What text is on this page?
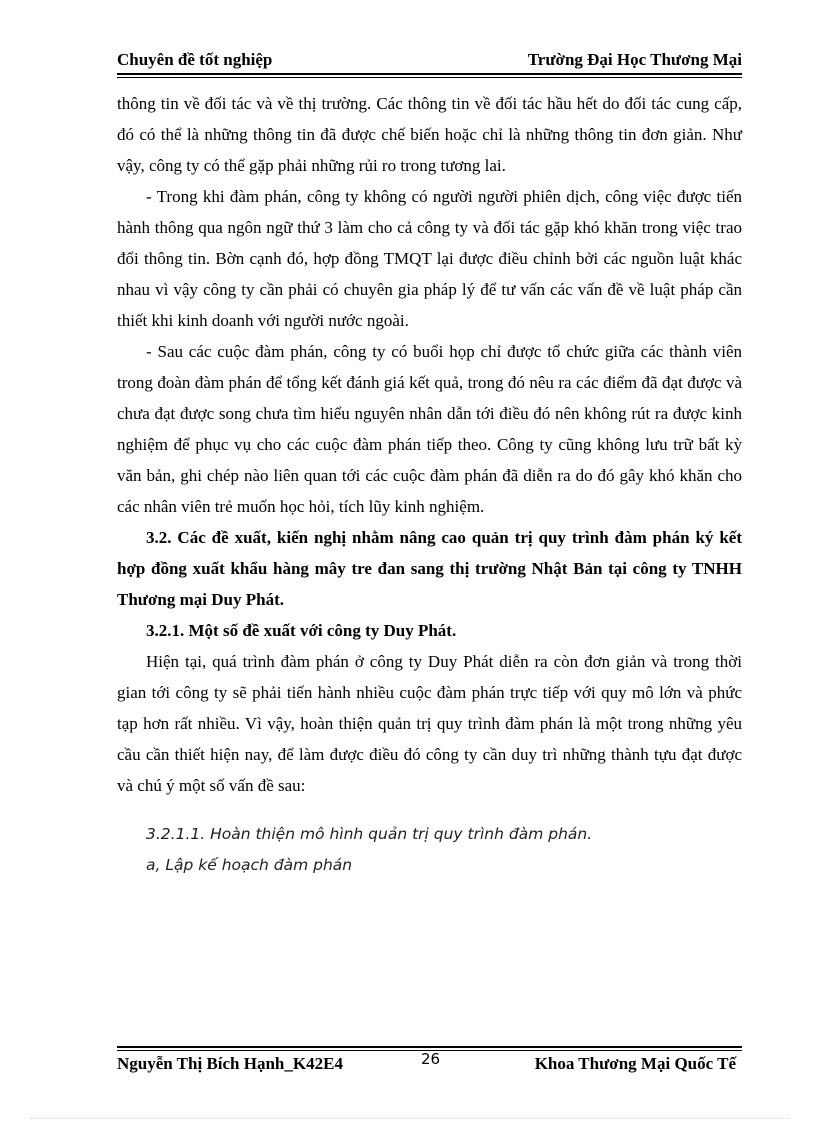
Chuyên đề tốt nghiệp	Trường Đại Học Thương Mại

thông tin về đối tác và về thị trường. Các thông tin về đối tác hầu hết do đối tác cung cấp, đó có thể là những thông tin đã được chế biến hoặc chỉ là những thông tin đơn giản. Như vậy, công ty có thể gặp phải những rủi ro trong tương lai.

- Trong khi đàm phán, công ty không có người người phiên dịch, công việc được tiến hành thông qua ngôn ngữ thứ 3 làm cho cả công ty và đối tác gặp khó khăn trong việc trao đổi thông tin. Bờn cạnh đó, hợp đồng TMQT lại được điều chỉnh bởi các nguồn luật khác nhau vì vậy công ty cần phải có chuyên gia pháp lý để tư vấn các vấn đề về luật pháp cần thiết khi kinh doanh với người nước ngoài.

- Sau các cuộc đàm phán, công ty có buổi họp chỉ được tổ chức giữa các thành viên trong đoàn đàm phán để tổng kết đánh giá kết quả, trong đó nêu ra các điểm đã đạt được và chưa đạt được song chưa tìm hiểu nguyên nhân dẫn tới điều đó nên không rút ra được kinh nghiệm để phục vụ cho các cuộc đàm phán tiếp theo. Công ty cũng không lưu trữ bất kỳ văn bản, ghi chép nào liên quan tới các cuộc đàm phán đã diễn ra do đó gây khó khăn cho các nhân viên trẻ muốn học hỏi, tích lũy kinh nghiệm.

3.2. Các đề xuất, kiến nghị nhằm nâng cao quản trị quy trình đàm phán ký kết hợp đồng xuất khẩu hàng mây tre đan sang thị trường Nhật Bản tại công ty TNHH Thương mại Duy Phát.

3.2.1. Một số đề xuất với công ty Duy Phát.

Hiện tại, quá trình đàm phán ở công ty Duy Phát diễn ra còn đơn giản và trong thời gian tới công ty sẽ phải tiến hành nhiều cuộc đàm phán trực tiếp với quy mô lớn và phức tạp hơn rất nhiều. Vì vậy, hoàn thiện quản trị quy trình đàm phán là một trong những yêu cầu cần thiết hiện nay, để làm được điều đó công ty cần duy trì những thành tựu đạt được và chú ý một số vấn đề sau:

3.2.1.1. Hoàn thiện mô hình quản trị quy trình đàm phán.

a, Lập kế hoạch đàm phán

Nguyễn Thị Bích Hạnh_K42E4	26	Khoa Thương Mại Quốc Tế
